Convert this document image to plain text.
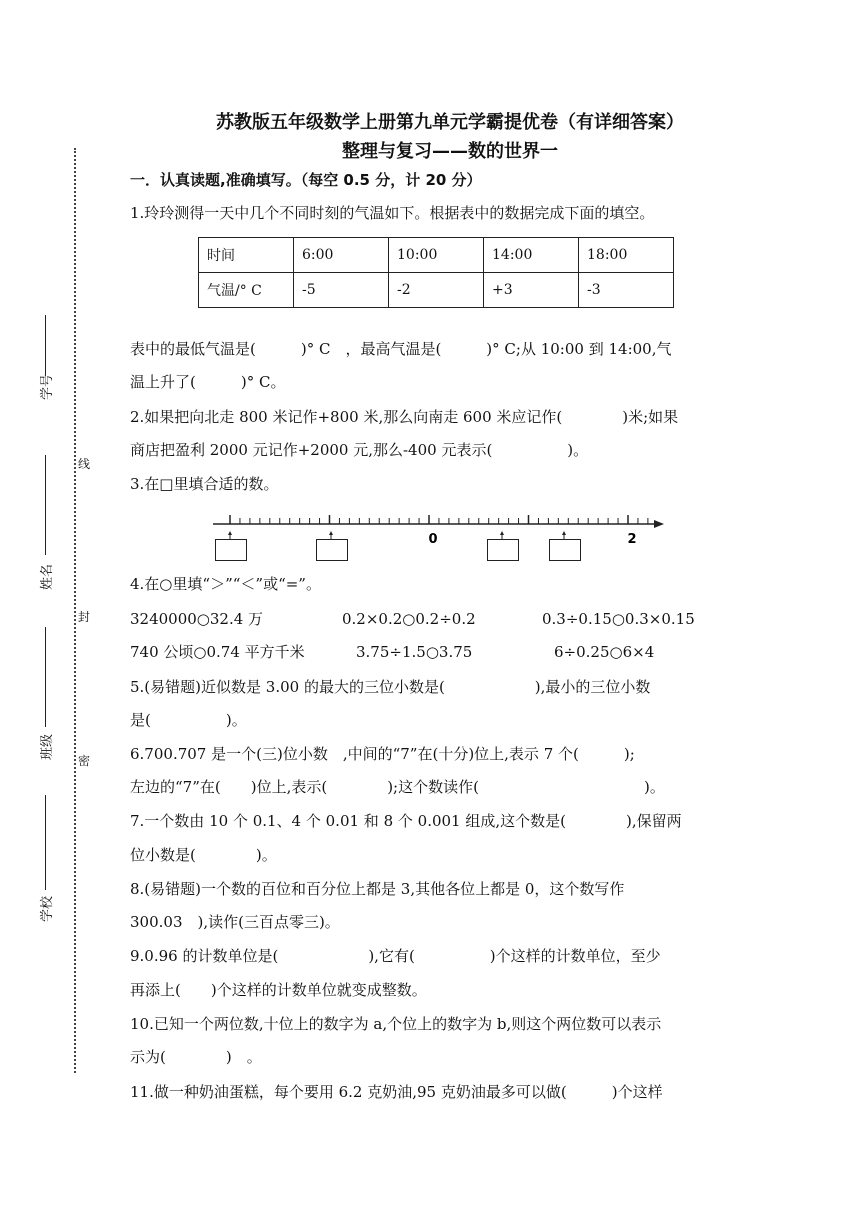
苏教版五年级数学上册第九单元学霸提优卷（有详细答案）
整理与复习——数的世界一
学号
姓名
班级
学校
线
封
密
一．认真读题,准确填写。（每空 0.5 分，计 20 分）
1.玲玲测得一天中几个不同时刻的气温如下。根据表中的数据完成下面的填空。
时间	6:00	10:00	14:00	18:00
气温/° C	-5	-2	+3	-3
表中的最低气温是(　　　)° C　，最高气温是(　　　)° C;从 10:00 到 14:00,气
温上升了(　　　)° C。
2.如果把向北走 800 米记作+800 米,那么向南走 600 米应记作(　　　　)米;如果
商店把盈利 2000 元记作+2000 元,那么-400 元表示(　　　　　)。
3.在□里填合适的数。
0	2
4.在○里填“＞”“＜”或“=”。
3240000○32.4 万	0.2×0.2○0.2÷0.2	0.3÷0.15○0.3×0.15
740 公顷○0.74 平方千米	3.75÷1.5○3.75	6÷0.25○6×4
5.(易错题)近似数是 3.00 的最大的三位小数是(　　　　　　),最小的三位小数
是(　　　　　)。
6.700.707 是一个(三)位小数　,中间的“7”在(十分)位上,表示 7 个(　　　);
左边的“7”在(　　)位上,表示(　　　　);这个数读作(　　　　　　　　　　　)。
7.一个数由 10 个 0.1、4 个 0.01 和 8 个 0.001 组成,这个数是(　　　　),保留两
位小数是(　　　　)。
8.(易错题)一个数的百位和百分位上都是 3,其他各位上都是 0，这个数写作
300.03　),读作(三百点零三)。
9.0.96 的计数单位是(　　　　　　),它有(　　　　　)个这样的计数单位，至少
再添上(　　)个这样的计数单位就变成整数。
10.已知一个两位数,十位上的数字为 a,个位上的数字为 b,则这个两位数可以表示
示为(　　　　)　。
11.做一种奶油蛋糕，每个要用 6.2 克奶油,95 克奶油最多可以做(　　　)个这样
